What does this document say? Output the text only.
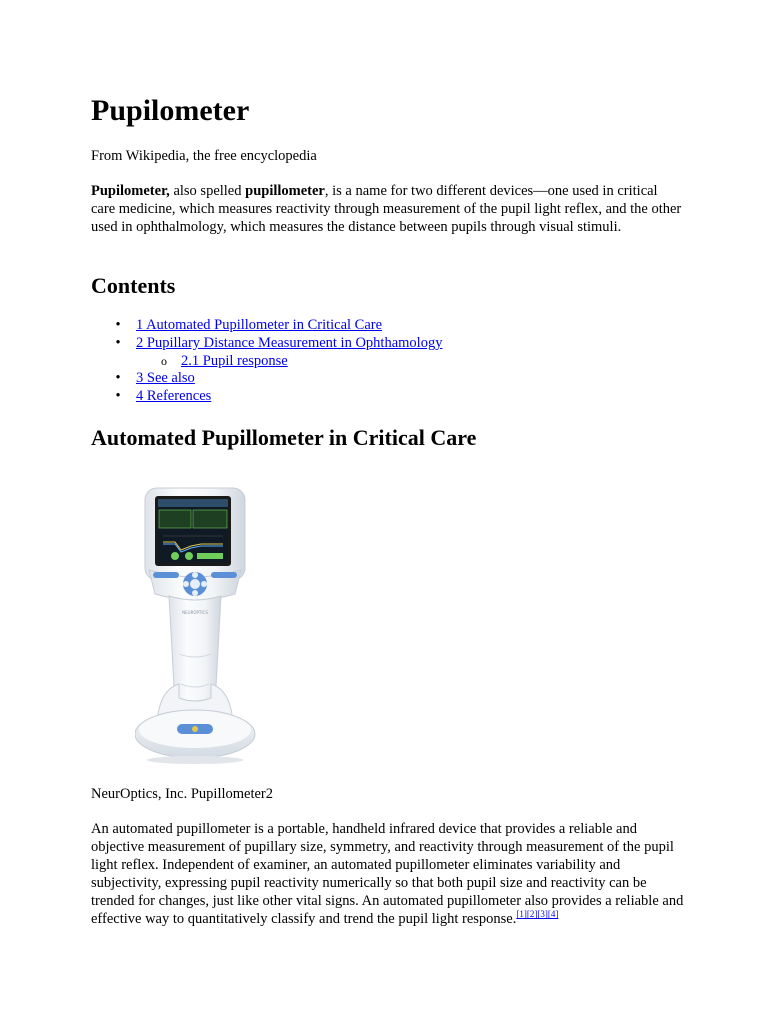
Pupilometer

From Wikipedia, the free encyclopedia

Pupilometer, also spelled pupillometer, is a name for two different devices—one used in critical care medicine, which measures reactivity through measurement of the pupil light reflex, and the other used in ophthalmology, which measures the distance between pupils through visual stimuli.

Contents
• 1 Automated Pupillometer in Critical Care
• 2 Pupillary Distance Measurement in Ophthamology
o 2.1 Pupil response
• 3 See also
• 4 References
Automated Pupillometer in Critical Care
NEUROPTICS

NeurOptics, Inc. Pupillometer2

An automated pupillometer is a portable, handheld infrared device that provides a reliable and objective measurement of pupillary size, symmetry, and reactivity through measurement of the pupil light reflex. Independent of examiner, an automated pupillometer eliminates variability and subjectivity, expressing pupil reactivity numerically so that both pupil size and reactivity can be trended for changes, just like other vital signs. An automated pupillometer also provides a reliable and effective way to quantitatively classify and trend the pupil light response.[1][2][3][4]
